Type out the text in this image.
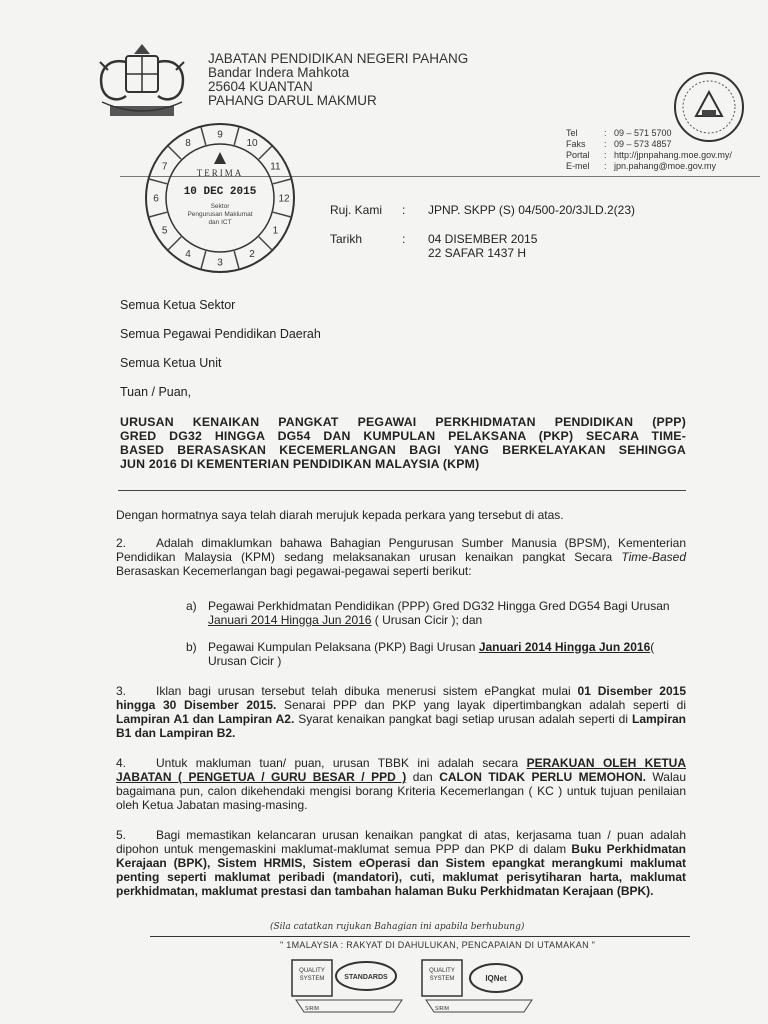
JABATAN PENDIDIKAN NEGERI PAHANG
Bandar Indera Mahkota
25604 KUANTAN
PAHANG DARUL MAKMUR
Tel	: 09 – 571 5700
Faks	: 09 – 573 4857
Portal	: http://jpnpahang.moe.gov.my/
E-mel	: jpn.pahang@moe.gov.my
10
11
12
1
2
3
4
5
6
7
8
9
TERIMA
10 DEC 2015
Sektor
Pengurusan Maklumat
dan ICT
Ruj. Kami : JPNP. SKPP (S) 04/500-20/3JLD.2(23)
Tarikh	: 04 DISEMBER 2015
22 SAFAR 1437 H
Semua Ketua Sektor
Semua Pegawai Pendidikan Daerah
Semua Ketua Unit
Tuan / Puan,
URUSAN KENAIKAN PANGKAT PEGAWAI PERKHIDMATAN PENDIDIKAN (PPP)
GRED DG32 HINGGA DG54 DAN KUMPULAN PELAKSANA (PKP) SECARA TIME-
BASED BERASASKAN KECEMERLANGAN BAGI YANG BERKELAYAKAN SEHINGGA
JUN 2016 DI KEMENTERIAN PENDIDIKAN MALAYSIA (KPM)
Dengan hormatnya saya telah diarah merujuk kepada perkara yang tersebut di atas.
2. Adalah dimaklumkan bahawa Bahagian Pengurusan Sumber Manusia (BPSM), Kementerian Pendidikan Malaysia (KPM) sedang melaksanakan urusan kenaikan pangkat Secara Time-Based Berasaskan Kecemerlangan bagi pegawai-pegawai seperti berikut:
a) Pegawai Perkhidmatan Pendidikan (PPP) Gred DG32 Hingga Gred DG54 Bagi Urusan Januari 2014 Hingga Jun 2016 ( Urusan Cicir ); dan
b) Pegawai Kumpulan Pelaksana (PKP) Bagi Urusan Januari 2014 Hingga Jun 2016( Urusan Cicir )
3. Iklan bagi urusan tersebut telah dibuka menerusi sistem ePangkat mulai 01 Disember 2015 hingga 30 Disember 2015. Senarai PPP dan PKP yang layak dipertimbangkan adalah seperti di Lampiran A1 dan Lampiran A2. Syarat kenaikan pangkat bagi setiap urusan adalah seperti di Lampiran B1 dan Lampiran B2.
4. Untuk makluman tuan/ puan, urusan TBBK ini adalah secara PERAKUAN OLEH KETUA JABATAN ( PENGETUA / GURU BESAR / PPD ) dan CALON TIDAK PERLU MEMOHON. Walau bagaimana pun, calon dikehendaki mengisi borang Kriteria Kecemerlangan ( KC ) untuk tujuan penilaian oleh Ketua Jabatan masing-masing.
5. Bagi memastikan kelancaran urusan kenaikan pangkat di atas, kerjasama tuan / puan adalah dipohon untuk mengemaskini maklumat-maklumat semua PPP dan PKP di dalam Buku Perkhidmatan Kerajaan (BPK), Sistem HRMIS, Sistem eOperasi dan Sistem epangkat merangkumi maklumat penting seperti maklumat peribadi (mandatori), cuti, maklumat perisytiharan harta, maklumat perkhidmatan, maklumat prestasi dan tambahan halaman Buku Perkhidmatan Kerajaan (BPK).
(Sila catatkan rujukan Bahagian ini apabila berhubung)
" 1MALAYSIA : RAKYAT DI DAHULUKAN, PENCAPAIAN DI UTAMAKAN "
QUALITY
SYSTEM	STANDARDS
SIRIM
QUALITY
SYSTEM	IQNet
SIRIM
